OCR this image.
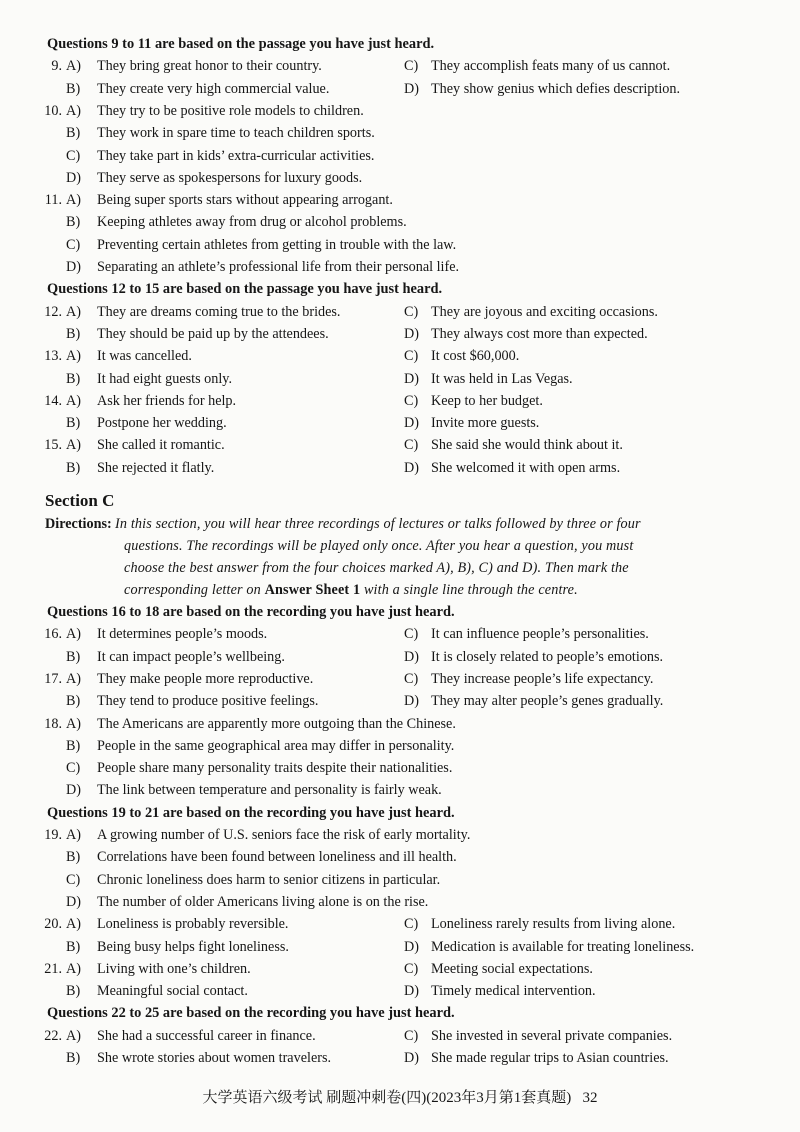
Questions 9 to 11 are based on the passage you have just heard.
9. A) They bring great honor to their country.	C) They accomplish feats many of us cannot.
B) They create very high commercial value.	D) They show genius which defies description.
10. A) They try to be positive role models to children.
B) They work in spare time to teach children sports.
C) They take part in kids’ extra-curricular activities.
D) They serve as spokespersons for luxury goods.
11. A) Being super sports stars without appearing arrogant.
B) Keeping athletes away from drug or alcohol problems.
C) Preventing certain athletes from getting in trouble with the law.
D) Separating an athlete’s professional life from their personal life.
Questions 12 to 15 are based on the passage you have just heard.
12. A) They are dreams coming true to the brides.	C) They are joyous and exciting occasions.
B) They should be paid up by the attendees.	D) They always cost more than expected.
13. A) It was cancelled.	C) It cost $60,000.
B) It had eight guests only.	D) It was held in Las Vegas.
14. A) Ask her friends for help.	C) Keep to her budget.
B) Postpone her wedding.	D) Invite more guests.
15. A) She called it romantic.	C) She said she would think about it.
B) She rejected it flatly.	D) She welcomed it with open arms.
Section C
Directions: In this section, you will hear three recordings of lectures or talks followed by three or four
questions. The recordings will be played only once. After you hear a question, you must
choose the best answer from the four choices marked A), B), C) and D). Then mark the
corresponding letter on Answer Sheet 1 with a single line through the centre.
Questions 16 to 18 are based on the recording you have just heard.
16. A) It determines people’s moods.	C) It can influence people’s personalities.
B) It can impact people’s wellbeing.	D) It is closely related to people’s emotions.
17. A) They make people more reproductive.	C) They increase people’s life expectancy.
B) They tend to produce positive feelings.	D) They may alter people’s genes gradually.
18. A) The Americans are apparently more outgoing than the Chinese.
B) People in the same geographical area may differ in personality.
C) People share many personality traits despite their nationalities.
D) The link between temperature and personality is fairly weak.
Questions 19 to 21 are based on the recording you have just heard.
19. A) A growing number of U.S. seniors face the risk of early mortality.
B) Correlations have been found between loneliness and ill health.
C) Chronic loneliness does harm to senior citizens in particular.
D) The number of older Americans living alone is on the rise.
20. A) Loneliness is probably reversible.	C) Loneliness rarely results from living alone.
B) Being busy helps fight loneliness.	D) Medication is available for treating loneliness.
21. A) Living with one’s children.	C) Meeting social expectations.
B) Meaningful social contact.	D) Timely medical intervention.
Questions 22 to 25 are based on the recording you have just heard.
22. A) She had a successful career in finance.	C) She invested in several private companies.
B) She wrote stories about women travelers.	D) She made regular trips to Asian countries.
大学英语六级考试 刷题冲刺卷(四)(2023年3月第1套真题) 32
